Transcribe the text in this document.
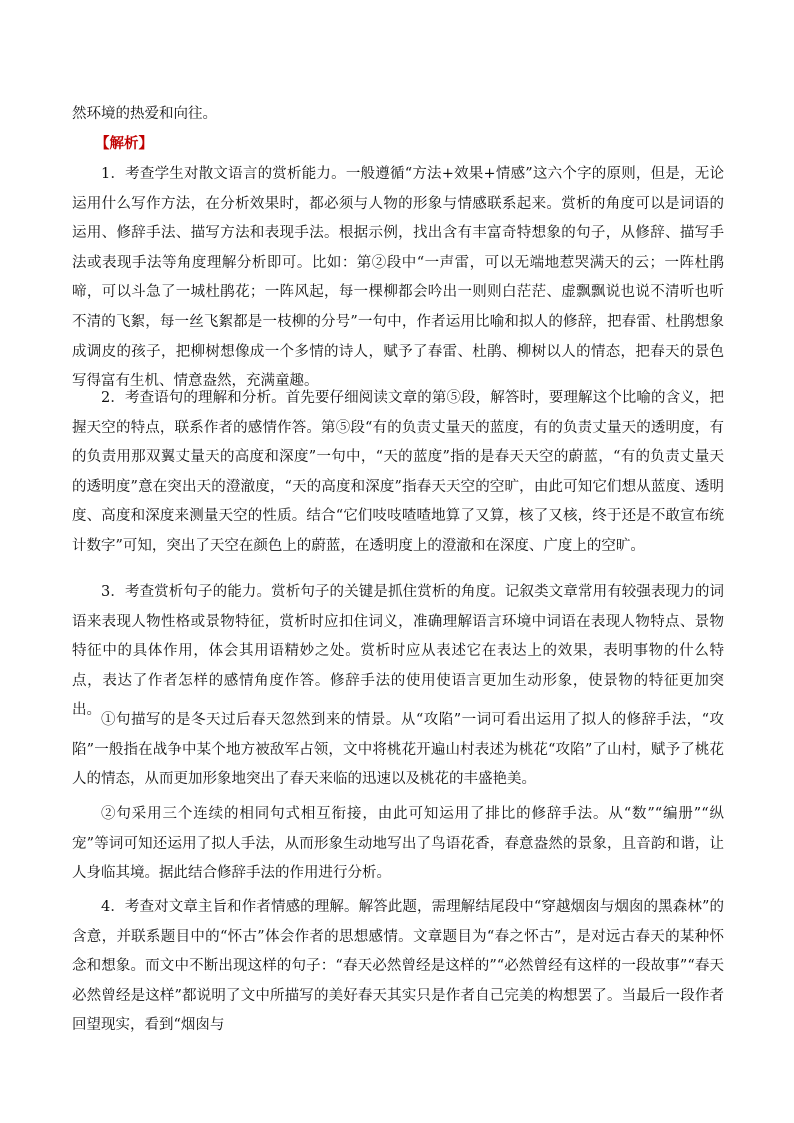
然环境的热爱和向往。
【解析】

1．考查学生对散文语言的赏析能力。一般遵循“方法+效果+情感”这六个字的原则，但是，无论运用什么写作方法，在分析效果时，都必须与人物的形象与情感联系起来。赏析的角度可以是词语的运用、修辞手法、描写方法和表现手法。根据示例，找出含有丰富奇特想象的句子，从修辞、描写手法或表现手法等角度理解分析即可。比如：第②段中“一声雷，可以无端地惹哭满天的云；一阵杜鹃啼，可以斗急了一城杜鹃花；一阵风起，每一棵柳都会吟出一则则白茫茫、虚飘飘说也说不清听也听不清的飞絮，每一丝飞絮都是一枝柳的分号”一句中，作者运用比喻和拟人的修辞，把春雷、杜鹃想象成调皮的孩子，把柳树想像成一个多情的诗人，赋予了春雷、杜鹃、柳树以人的情态，把春天的景色写得富有生机、情意盎然，充满童趣。

2．考查语句的理解和分析。首先要仔细阅读文章的第⑤段，解答时，要理解这个比喻的含义，把握天空的特点，联系作者的感情作答。第⑤段“有的负责丈量天的蓝度，有的负责丈量天的透明度，有的负责用那双翼丈量天的高度和深度”一句中，“天的蓝度”指的是春天天空的蔚蓝，“有的负责丈量天的透明度”意在突出天的澄澈度，“天的高度和深度”指春天天空的空旷，由此可知它们想从蓝度、透明度、高度和深度来测量天空的性质。结合“它们吱吱喳喳地算了又算，核了又核，终于还是不敢宣布统计数字”可知，突出了天空在颜色上的蔚蓝，在透明度上的澄澈和在深度、广度上的空旷。

3．考查赏析句子的能力。赏析句子的关键是抓住赏析的角度。记叙类文章常用有较强表现力的词语来表现人物性格或景物特征，赏析时应扣住词义，准确理解语言环境中词语在表现人物特点、景物特征中的具体作用，体会其用语精妙之处。赏析时应从表述它在表达上的效果，表明事物的什么特点，表达了作者怎样的感情角度作答。修辞手法的使用使语言更加生动形象，使景物的特征更加突出。

①句描写的是冬天过后春天忽然到来的情景。从“攻陷”一词可看出运用了拟人的修辞手法，“攻陷”一般指在战争中某个地方被敌军占领，文中将桃花开遍山村表述为桃花“攻陷”了山村，赋予了桃花人的情态，从而更加形象地突出了春天来临的迅速以及桃花的丰盛艳美。

②句采用三个连续的相同句式相互衔接，由此可知运用了排比的修辞手法。从“数”“编册”“纵宠”等词可知还运用了拟人手法，从而形象生动地写出了鸟语花香，春意盎然的景象，且音韵和谐，让人身临其境。据此结合修辞手法的作用进行分析。

4．考查对文章主旨和作者情感的理解。解答此题，需理解结尾段中“穿越烟囱与烟囱的黑森林”的含意，并联系题目中的“怀古”体会作者的思想感情。文章题目为“春之怀古”，是对远古春天的某种怀念和想象。而文中不断出现这样的句子：“春天必然曾经是这样的”“必然曾经有这样的一段故事”“春天必然曾经是这样”都说明了文中所描写的美好春天其实只是作者自己完美的构想罢了。当最后一段作者回望现实，看到“烟囱与
